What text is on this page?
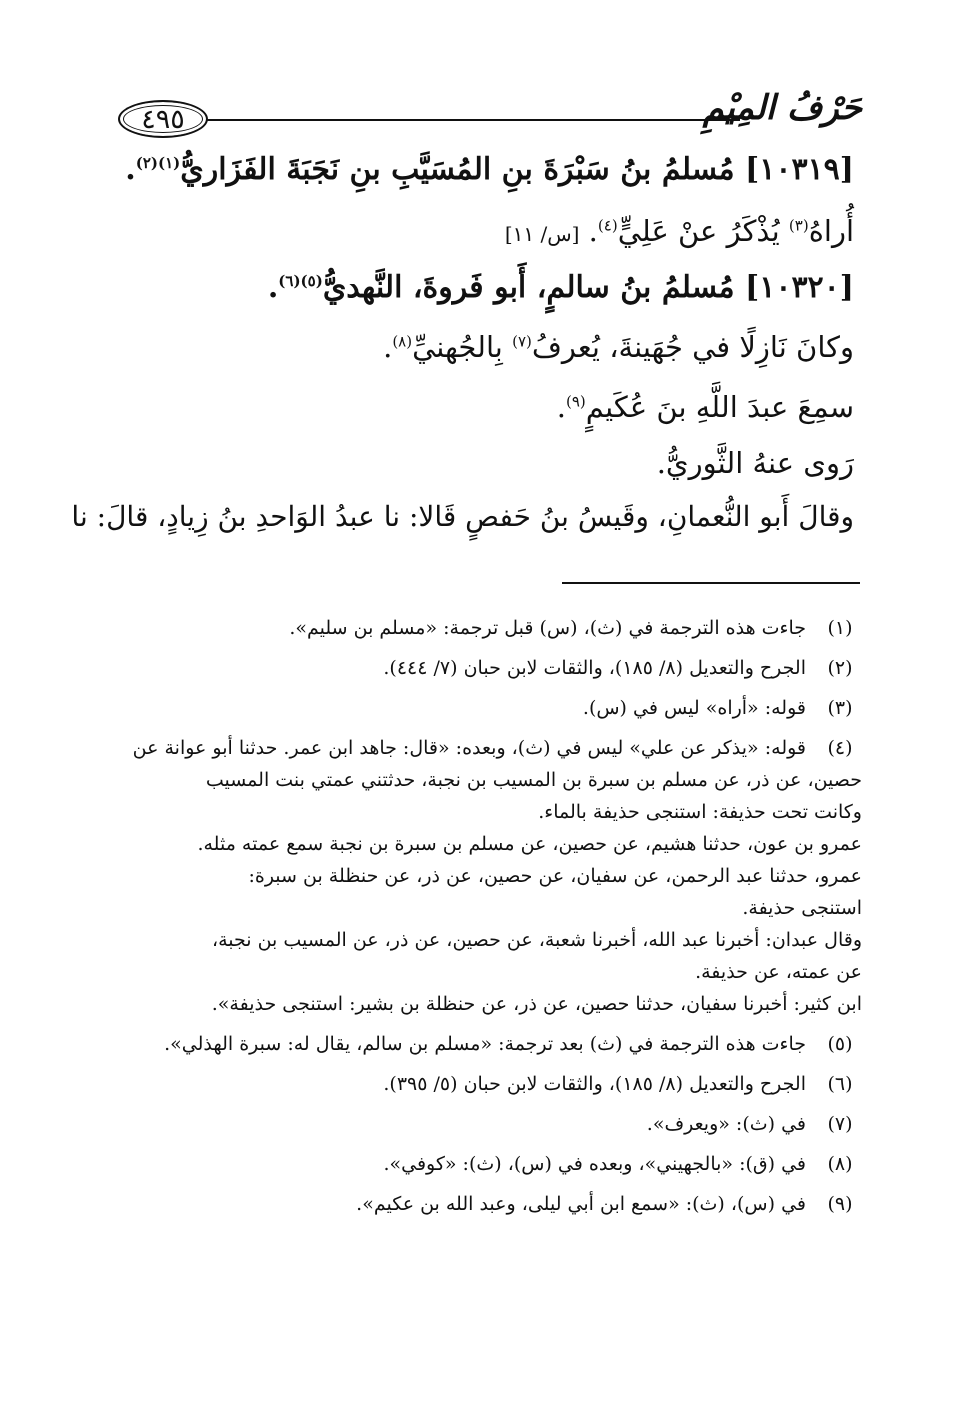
٤٩٥	حَرْفُ المِيْمِ

[١٠٣١٩] مُسلمُ بنُ سَبْرَةَ بنِ المُسَيَّبِ بنِ نَجَبَةَ الفَزَاريُّ$^{(١)(٢)}$.

أُراهُ$^{(٣)}$ يُذْكَرُ عنْ عَلِيٍّ$^{(٤)}$. [س/ ١١]

[١٠٣٢٠] مُسلمُ بنُ سالمٍ، أَبو فَروةَ، النَّهديُّ$^{(٥)(٦)}$.

وكانَ نَازِلًا في جُهَينةَ، يُعرفُ$^{(٧)}$ بِالجُهنيِّ$^{(٨)}$.

سمِعَ عبدَ اللَّهِ بنَ عُكَيمٍ$^{(٩)}$.

رَوى عنهُ الثَّوريُّ.

وقالَ أَبو النُّعمانِ، وقَيسُ بنُ حَفصٍ قَالا: نا عبدُ الوَاحدِ بنُ زِيادٍ، قالَ: نا

(١)
جاءت هذه الترجمة في (ث)، (س) قبل ترجمة: «مسلم بن سليم».
(٢)
الجرح والتعديل (٨/ ١٨٥)، والثقات لابن حبان (٧/ ٤٤٤).
(٣)
قوله: «أراه» ليس في (س).
(٤)
قوله: «يذكر عن علي» ليس في (ث)، وبعده: «قال: جاهد ابن عمر. حدثنا أبو عوانة عن
حصين، عن ذر، عن مسلم بن سبرة بن المسيب بن نجبة، حدثتني عمتي بنت المسيب
وكانت تحت حذيفة: استنجى حذيفة بالماء.
عمرو بن عون، حدثنا هشيم، عن حصين، عن مسلم بن سبرة بن نجبة سمع عمته مثله.
عمرو، حدثنا عبد الرحمن، عن سفيان، عن حصين، عن ذر، عن حنظلة بن سبرة:
استنجى حذيفة.
وقال عبدان: أخبرنا عبد الله، أخبرنا شعبة، عن حصين، عن ذر، عن المسيب بن نجبة،
عن عمته، عن حذيفة.
ابن كثير: أخبرنا سفيان، حدثنا حصين، عن ذر، عن حنظلة بن بشير: استنجى حذيفة».
(٥)
جاءت هذه الترجمة في (ث) بعد ترجمة: «مسلم بن سالم، يقال له: سبرة الهذلي».
(٦)
الجرح والتعديل (٨/ ١٨٥)، والثقات لابن حبان (٥/ ٣٩٥).
(٧)
في (ث): «ويعرف».
(٨)
في (ق): «بالجهيني»، وبعده في (س)، (ث): «كوفي».
(٩)
في (س)، (ث): «سمع ابن أبي ليلى، وعبد الله بن عكيم».
